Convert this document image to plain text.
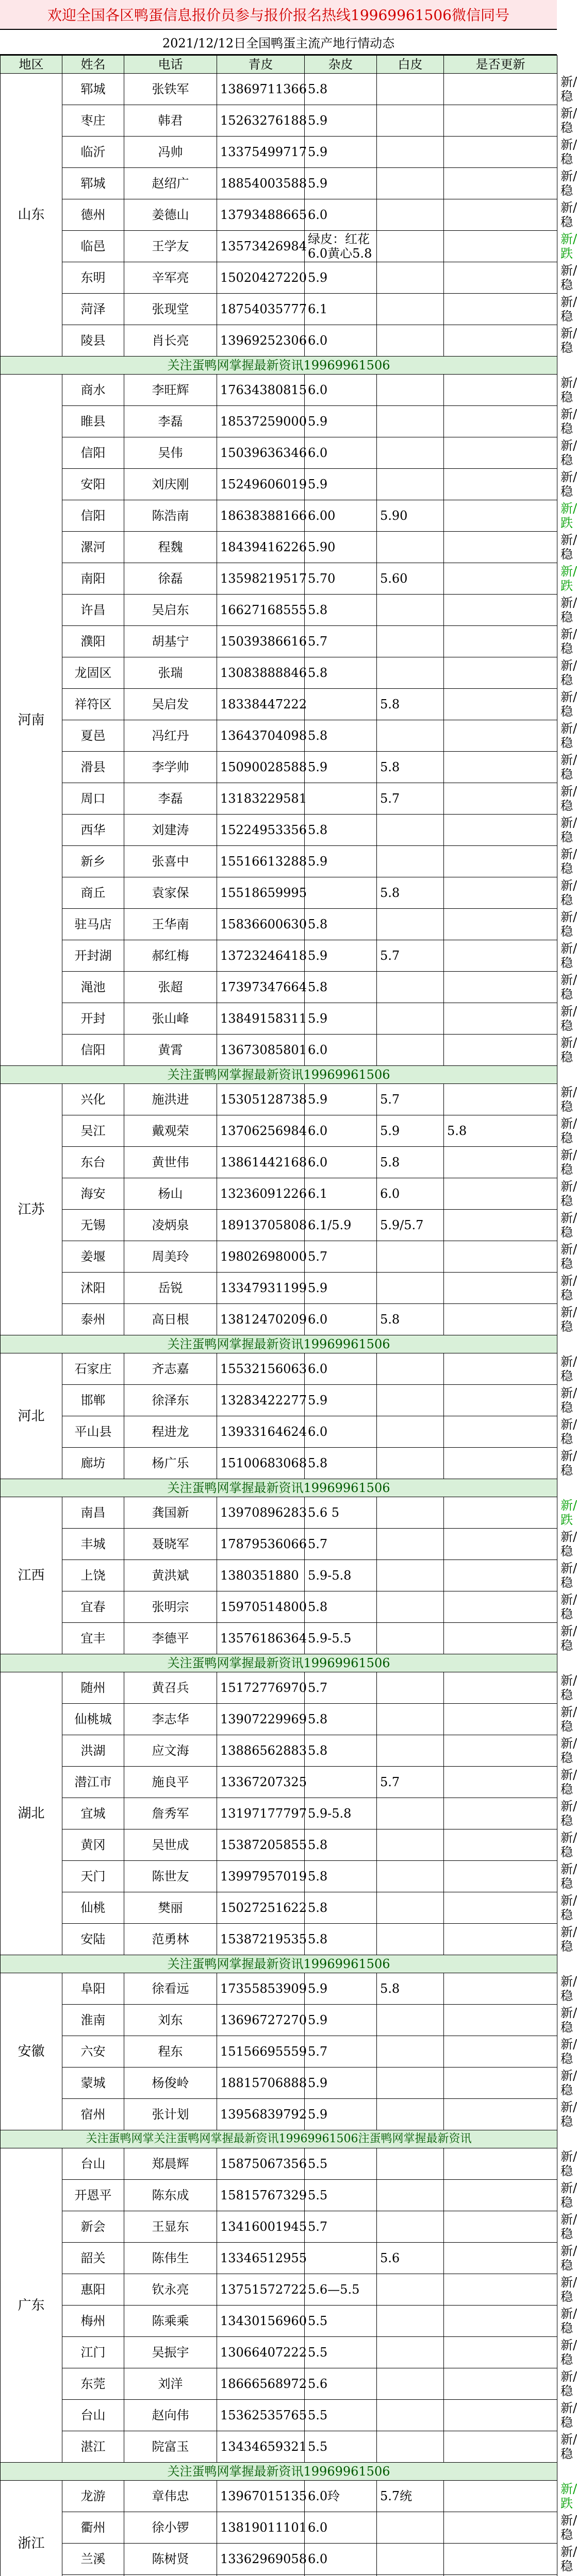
欢迎全国各区鸭蛋信息报价员参与报价报名热线19969961506微信同号
2021/12/12日全国鸭蛋主流产地行情动态
地区	姓名	电话	青皮	杂皮	白皮	是否更新	
山东	郓城	张铁军	13869711366	5.8			新/稳
	枣庄	韩君	15263276188	5.9			新/稳
	临沂	冯帅	13375499717	5.9			新/稳
	郓城	赵绍广	18854003588	5.9			新/稳
	德州	姜德山	13793488665	6.0			新/稳
	临邑	王学友	13573426984	绿皮：红花6.0黄心5.8			新/跌
	东明	辛军亮	15020427220	5.9			新/稳
	菏泽	张现堂	18754035777	6.1			新/稳
	陵县	肖长亮	13969252306	6.0			新/稳
关注蛋鸭网掌握最新资讯19969961506							
河南	商水	李旺辉	17634380815	6.0			新/稳
	睢县	李磊	18537259000	5.9			新/稳
	信阳	吴伟	15039636346	6.0			新/稳
	安阳	刘庆刚	15249606019	5.9			新/稳
	信阳	陈浩南	18638388166	6.00	5.90		新/跌
	漯河	程魏	18439416226	5.90			新/稳
	南阳	徐磊	13598219517	5.70	5.60		新/跌
	许昌	吴启东	16627168555	5.8			新/稳
	濮阳	胡基宁	15039386616	5.7			新/稳
	龙固区	张瑞	13083888846	5.8			新/稳
	祥符区	吴启发	18338447222		5.8		新/稳
	夏邑	冯红丹	13643704098	5.8			新/稳
	滑县	李学帅	15090028588	5.9	5.8		新/稳
	周口	李磊	13183229581		5.7		新/稳
	西华	刘建涛	15224953356	5.8			新/稳
	新乡	张喜中	15516613288	5.9			新/稳
	商丘	袁家保	15518659995		5.8		新/稳
	驻马店	王华南	15836600630	5.8			新/稳
	开封湖	郝红梅	13723246418	5.9	5.7		新/稳
	渑池	张超	17397347664	5.8			新/稳
	开封	张山峰	13849158311	5.9			新/稳
	信阳	黄霄	13673085801	6.0			新/稳
关注蛋鸭网掌握最新资讯19969961506							
江苏	兴化	施洪进	15305128738	5.9	5.7		新/稳
	吴江	戴观荣	13706256984	6.0	5.9	5.8	新/稳
	东台	黄世伟	13861442168	6.0	5.8		新/稳
	海安	杨山	13236091226	6.1	6.0		新/稳
	无锡	凌炳泉	18913705808	6.1/5.9	5.9/5.7		新/稳
	姜堰	周美玲	19802698000	5.7			新/稳
	沭阳	岳锐	13347931199	5.9			新/稳
	泰州	高日根	13812470209	6.0	5.8		新/稳
关注蛋鸭网掌握最新资讯19969961506							
河北	石家庄	齐志嘉	15532156063	6.0			新/稳
	邯郸	徐泽东	13283422277	5.9			新/稳
	平山县	程进龙	13933164624	6.0			新/稳
	廊坊	杨广乐	15100683068	5.8			新/稳
关注蛋鸭网掌握最新资讯19969961506							
江西	南昌	龚国新	13970896283	5.6 5			新/跌
	丰城	聂晓军	17879536066	5.7			新/稳
	上饶	黄洪斌	1380351880	5.9-5.8			新/稳
	宜春	张明宗	15970514800	5.8			新/稳
	宜丰	李德平	13576186364	5.9-5.5			新/稳
关注蛋鸭网掌握最新资讯19969961506							
湖北	随州	黄召兵	15172776970	5.7			新/稳
	仙桃城	李志华	13907229969	5.8			新/稳
	洪湖	应文海	13886562883	5.8			新/稳
	潜江市	施良平	13367207325		5.7		新/稳
	宜城	詹秀军	13197177797	5.9-5.8			新/稳
	黄冈	吴世成	15387205855	5.8			新/稳
	天门	陈世友	13997957019	5.8			新/稳
	仙桃	樊丽	15027251622	5.8			新/稳
	安陆	范勇林	15387219535	5.8			新/稳
关注蛋鸭网掌握最新资讯19969961506							
安徽	阜阳	徐看远	17355853909	5.9	5.8		新/稳
	淮南	刘东	13696727270	5.9			新/稳
	六安	程东	15156695559	5.7			新/稳
	蒙城	杨俊岭	18815706888	5.9			新/稳
	宿州	张计划	13956839792	5.9			新/稳
关注蛋鸭网掌关注蛋鸭网掌握最新资讯19969961506注蛋鸭网掌握最新资讯							
广东	台山	郑晨辉	15875067356	5.5			新/稳
	开恩平	陈东成	15815767329	5.5			新/稳
	新会	王显东	13416001945	5.7			新/稳
	韶关	陈伟生	13346512955		5.6		新/稳
	惠阳	钦永亮	13751572722	5.6—5.5			新/稳
	梅州	陈乘乘	13430156960	5.5			新/稳
	江门	吴振宇	13066407222	5.5			新/稳
	东莞	刘洋	18666568972	5.6			新/稳
	台山	赵向伟	15362535765	5.5			新/稳
	湛江	院富玉	13434659321	5.5			新/稳
关注蛋鸭网掌握最新资讯19969961506							
浙江	龙游	章伟忠	13967015135	6.0玲	5.7统		新/跌
	衢州	徐小锣	13819011101	6.0			新/稳
	兰溪	陈树贤	13362969058	6.0			新/稳
